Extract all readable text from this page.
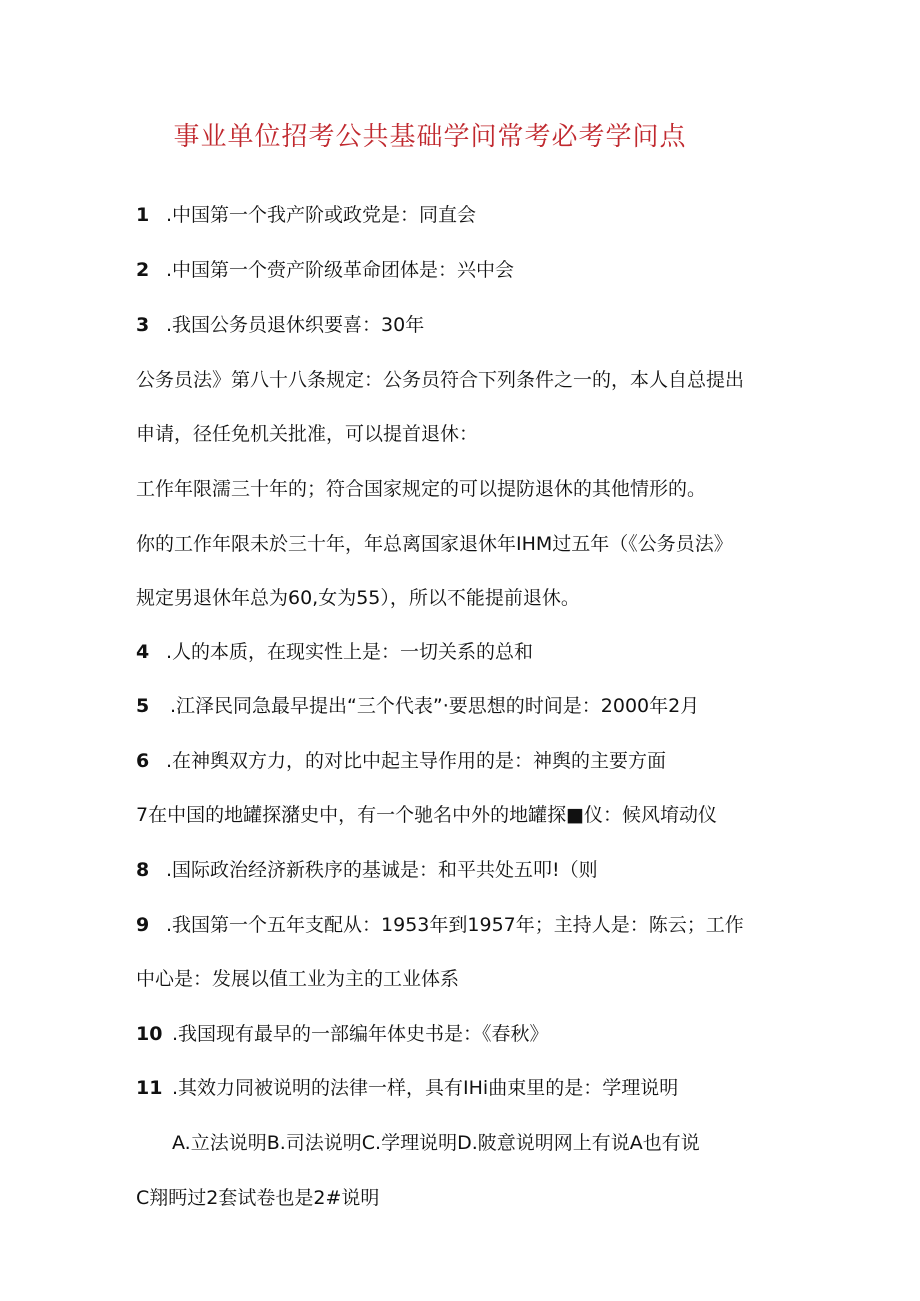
事业单位招考公共基础学问常考必考学问点
1 .中国第一个我产阶或政党是：同直会
2 .中国第一个赍产阶级革命团体是：兴中会
3 .我国公务员退休织要喜：30年
公务员法》第八十八条规定：公务员符合下列条件之一的，本人自总提出
申请，径任免机关批准，可以提首退休：
工作年限濡三十年的；符合国家规定的可以提防退休的其他情形的。
你的工作年限未於三十年，年总离国家退休年IHM过五年（《公务员法》
规定男退休年总为60,女为55），所以不能提前退休。
4 .人的本质，在现实性上是：一切关系的总和
5 .江泽民同急最早提出“三个代表”·要思想的时间是：2000年2月
6 .在神舆双方力，的对比中起主导作用的是：神舆的主要方面
7在中国的地罐探潴史中，有一个驰名中外的地罐探■仪：候风堉动仪
8 .国际政治经济新秩序的基诚是：和平共处五叩!（则
9 .我国第一个五年支配从：1953年到1957年；主持人是：陈云；工作
中心是：发展以值工业为主的工业体系
10 .我国现有最早的一部编年体史书是：《春秋》
11 .其效力同被说明的法律一样，具有IHi曲束里的是：学理说明
A.立法说明B.司法说明C.学理说明D.陂意说明网上有说A也有说
C翔眄过2套试卷也是2#说明
